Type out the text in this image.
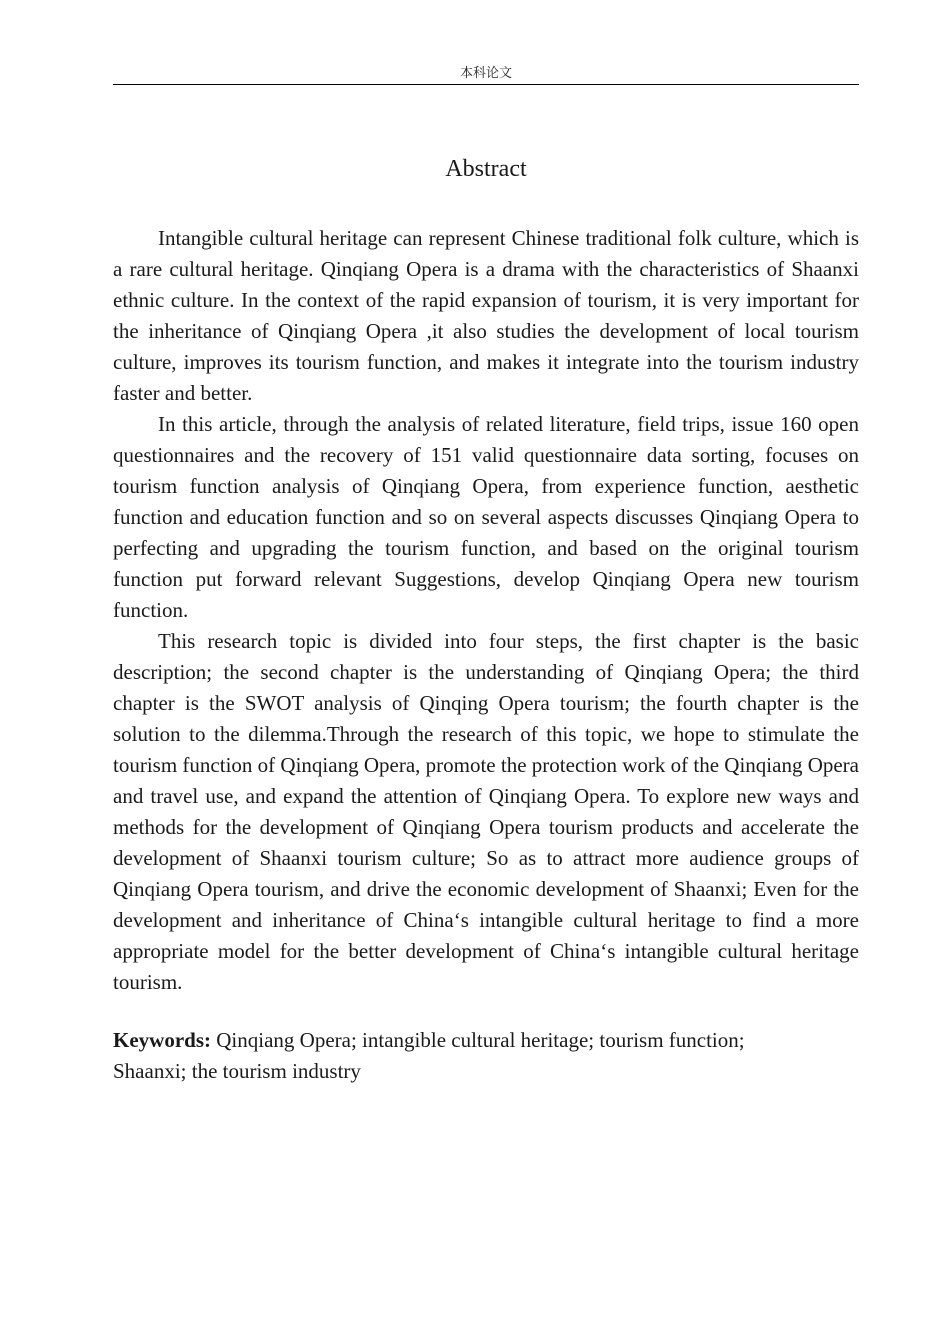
本科论文
Abstract

Intangible cultural heritage can represent Chinese traditional folk culture, which is a rare cultural heritage. Qinqiang Opera is a drama with the characteristics of Shaanxi ethnic culture. In the context of the rapid expansion of tourism, it is very important for the inheritance of Qinqiang Opera ,it also studies the development of local tourism culture, improves its tourism function, and makes it integrate into the tourism industry faster and better.

In this article, through the analysis of related literature, field trips, issue 160 open questionnaires and the recovery of 151 valid questionnaire data sorting, focuses on tourism function analysis of Qinqiang Opera, from experience function, aesthetic function and education function and so on several aspects discusses Qinqiang Opera to perfecting and upgrading the tourism function, and based on the original tourism function put forward relevant Suggestions, develop Qinqiang Opera new tourism function.

This research topic is divided into four steps, the first chapter is the basic description; the second chapter is the understanding of Qinqiang Opera; the third chapter is the SWOT analysis of Qinqing Opera tourism; the fourth chapter is the solution to the dilemma.Through the research of this topic, we hope to stimulate the tourism function of Qinqiang Opera, promote the protection work of the Qinqiang Opera and travel use, and expand the attention of Qinqiang Opera. To explore new ways and methods for the development of Qinqiang Opera tourism products and accelerate the development of Shaanxi tourism culture; So as to attract more audience groups of Qinqiang Opera tourism, and drive the economic development of Shaanxi; Even for the development and inheritance of China‘s intangible cultural heritage to find a more appropriate model for the better development of China‘s intangible cultural heritage tourism.

Keywords: Qinqiang Opera; intangible cultural heritage; tourism function; Shaanxi; the tourism industry
